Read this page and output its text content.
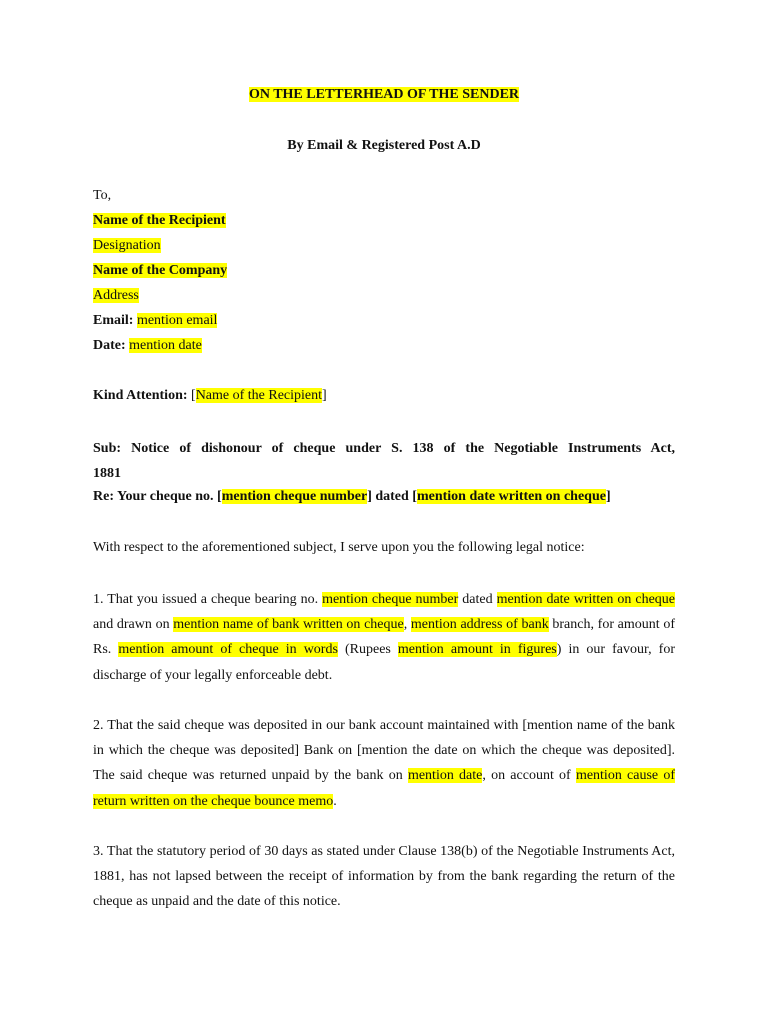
ON THE LETTERHEAD OF THE SENDER
By Email & Registered Post A.D
To,
Name of the Recipient
Designation
Name of the Company
Address
Email: mention email
Date: mention date
Kind Attention: [Name of the Recipient]
Sub: Notice of dishonour of cheque under S. 138 of the Negotiable Instruments Act,
1881
Re: Your cheque no. [mention cheque number] dated [mention date written on cheque]
With respect to the aforementioned subject, I serve upon you the following legal notice:
1. That you issued a cheque bearing no. mention cheque number dated mention date written on cheque and drawn on mention name of bank written on cheque, mention address of bank branch, for amount of Rs. mention amount of cheque in words (Rupees mention amount in figures) in our favour, for discharge of your legally enforceable debt.
2. That the said cheque was deposited in our bank account maintained with [mention name of the bank in which the cheque was deposited] Bank on [mention the date on which the cheque was deposited]. The said cheque was returned unpaid by the bank on mention date, on account of mention cause of return written on the cheque bounce memo.
3. That the statutory period of 30 days as stated under Clause 138(b) of the Negotiable Instruments Act, 1881, has not lapsed between the receipt of information by from the bank regarding the return of the cheque as unpaid and the date of this notice.
